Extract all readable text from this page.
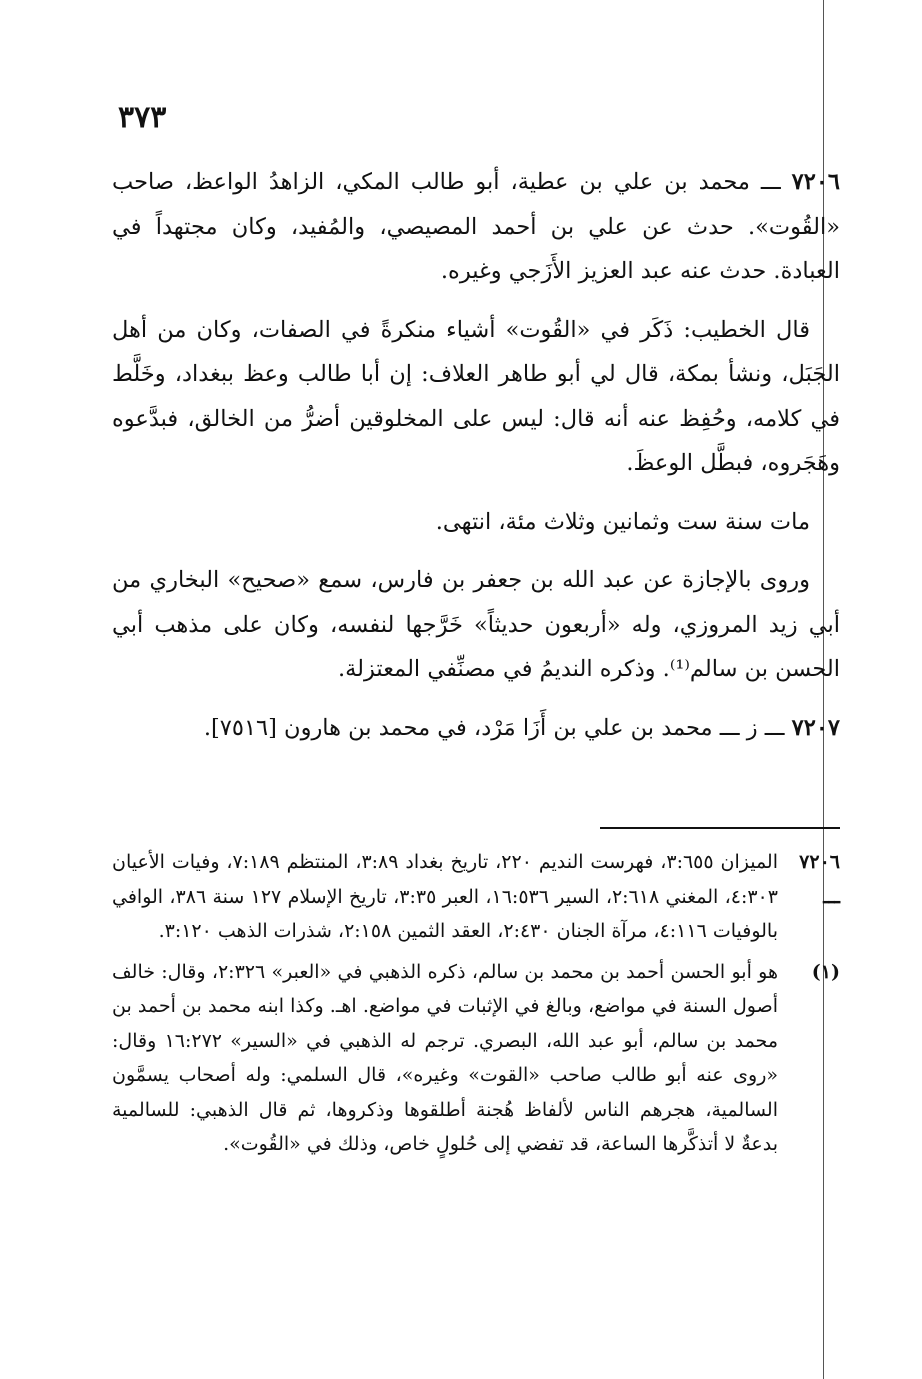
٣٧٣

٧٢٠٦ ـــ محمد بن علي بن عطية، أبو طالب المكي، الزاهدُ الواعظ، صاحب «القُوت». حدث عن علي بن أحمد المصيصي، والمُفيد، وكان مجتهداً في العبادة. حدث عنه عبد العزيز الأَزَجي وغيره.

قال الخطيب: ذَكَر في «القُوت» أشياء منكرةً في الصفات، وكان من أهل الجَبَل، ونشأ بمكة، قال لي أبو طاهر العلاف: إن أبا طالب وعظ ببغداد، وخَلَّط في كلامه، وحُفِظ عنه أنه قال: ليس على المخلوقين أضرُّ من الخالق، فبدَّعوه وهَجَروه، فبطَّل الوعظَ.

مات سنة ست وثمانين وثلاث مئة، انتهى.

وروى بالإجازة عن عبد الله بن جعفر بن فارس، سمع «صحيح» البخاري من أبي زيد المروزي، وله «أربعون حديثاً» خَرَّجها لنفسه، وكان على مذهب أبي الحسن بن سالم⁽¹⁾. وذكره النديمُ في مصنِّفي المعتزلة.

٧٢٠٧ ـــ ز ـــ محمد بن علي بن أَزَا مَرْد، في محمد بن هارون [٧٥١٦].

٧٢٠٦ ـــ
الميزان ٣:٦٥٥، فهرست النديم ٢٢٠، تاريخ بغداد ٣:٨٩، المنتظم ٧:١٨٩، وفيات الأعيان ٤:٣٠٣، المغني ٢:٦١٨، السير ١٦:٥٣٦، العبر ٣:٣٥، تاريخ الإسلام ١٢٧ سنة ٣٨٦، الوافي بالوفيات ٤:١١٦، مرآة الجنان ٢:٤٣٠، العقد الثمين ٢:١٥٨، شذرات الذهب ٣:١٢٠.
(١)
هو أبو الحسن أحمد بن محمد بن سالم، ذكره الذهبي في «العبر» ٢:٣٢٦، وقال: خالف أصول السنة في مواضع، وبالغ في الإثبات في مواضع. اهـ. وكذا ابنه محمد بن أحمد بن محمد بن سالم، أبو عبد الله، البصري. ترجم له الذهبي في «السير» ١٦:٢٧٢ وقال: «روى عنه أبو طالب صاحب «القوت» وغيره»، قال السلمي: وله أصحاب يسمَّون السالمية، هجرهم الناس لألفاظ هُجنة أطلقوها وذكروها، ثم قال الذهبي: للسالمية بدعةٌ لا أتذكَّرها الساعة، قد تفضي إلى حُلولٍ خاص، وذلك في «القُوت».
